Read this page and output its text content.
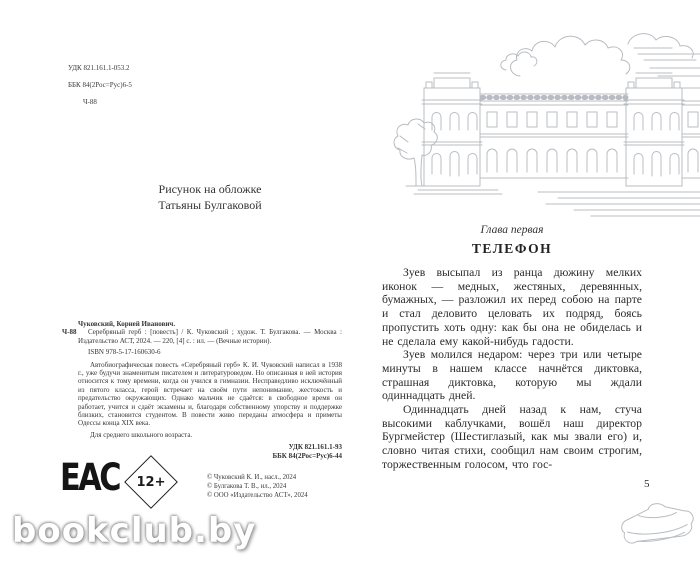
УДК 821.161.1-053.2

ББК 84(2Рос=Рус)6-5

Ч-88

Рисунок на обложке
Татьяны Булгаковой
Чуковский, Корней Иванович.
Ч-88	Серебряный герб : [повесть] / К. Чуковский ; худож. Т. Булгакова. — Москва : Издательство АСТ, 2024. — 220, [4] с. : ил. — (Вечные истории).
ISBN 978-5-17-160630-6
Автобиографическая повесть «Серебряный герб» К. И. Чуковский написал в 1938 г., уже будучи знаменитым писателем и литературоведом. Но описанная в ней история относится к тому времени, когда он учился в гимназии. Несправедливо исключённый из пятого класса, герой встречает на своём пути непонимание, жестокость и предательство окружающих. Однако мальчик не сдаётся: в свободное время он работает, учится и сдаёт экзамены и, благодаря собственному упорству и поддержке близких, становится студентом. В повести живо переданы атмосфера и приметы Одессы конца XIX века.
Для среднего школьного возраста.
УДК 821.161.1-93
ББК 84(2Рос=Рус)6-44
ЕАС	12+	© Чуковский К. И., насл., 2024
© Булгакова Т. В., ил., 2024
© ООО «Издательство АСТ», 2024
Глава первая
ТЕЛЕФОН

Зуев высыпал из ранца дюжину мелких иконок — медных, жестяных, деревянных, бумажных, — разложил их перед собою на парте и стал деловито целовать их подряд, боясь пропустить хоть одну: как бы она не обиделась и не сделала ему какой-нибудь гадости.

Зуев молился недаром: через три или четыре минуты в нашем классе начнётся диктовка, страшная диктовка, которую мы ждали одиннадцать дней.

Одиннадцать дней назад к нам, стуча высокими каблучками, вошёл наш директор Бургмейстер (Шестиглазый, как мы звали его) и, словно читая стихи, сообщил нам своим строгим, торжественным голосом, что гос-

5
bookclub.by
